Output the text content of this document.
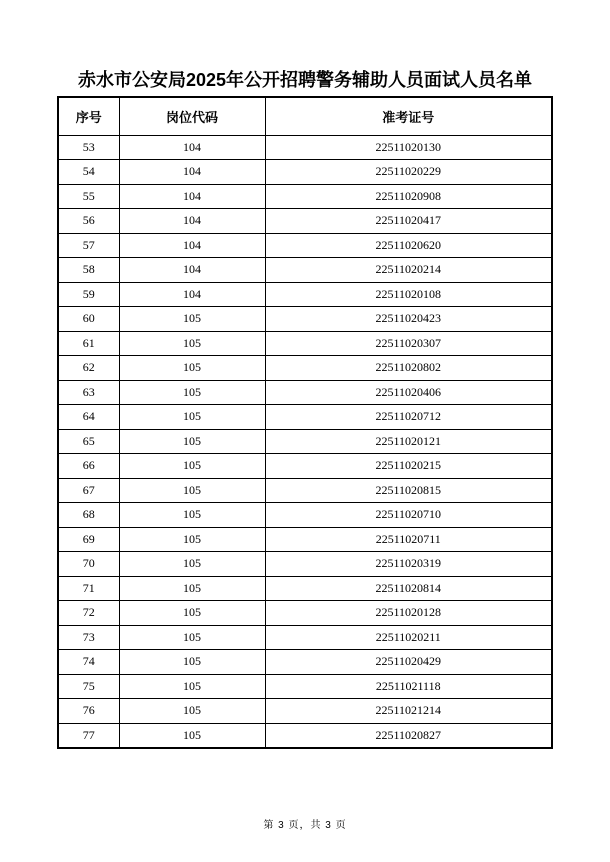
赤水市公安局2025年公开招聘警务辅助人员面试人员名单
序号	岗位代码	准考证号
53	104	22511020130
54	104	22511020229
55	104	22511020908
56	104	22511020417
57	104	22511020620
58	104	22511020214
59	104	22511020108
60	105	22511020423
61	105	22511020307
62	105	22511020802
63	105	22511020406
64	105	22511020712
65	105	22511020121
66	105	22511020215
67	105	22511020815
68	105	22511020710
69	105	22511020711
70	105	22511020319
71	105	22511020814
72	105	22511020128
73	105	22511020211
74	105	22511020429
75	105	22511021118
76	105	22511021214
77	105	22511020827
第 3 页，共 3 页
